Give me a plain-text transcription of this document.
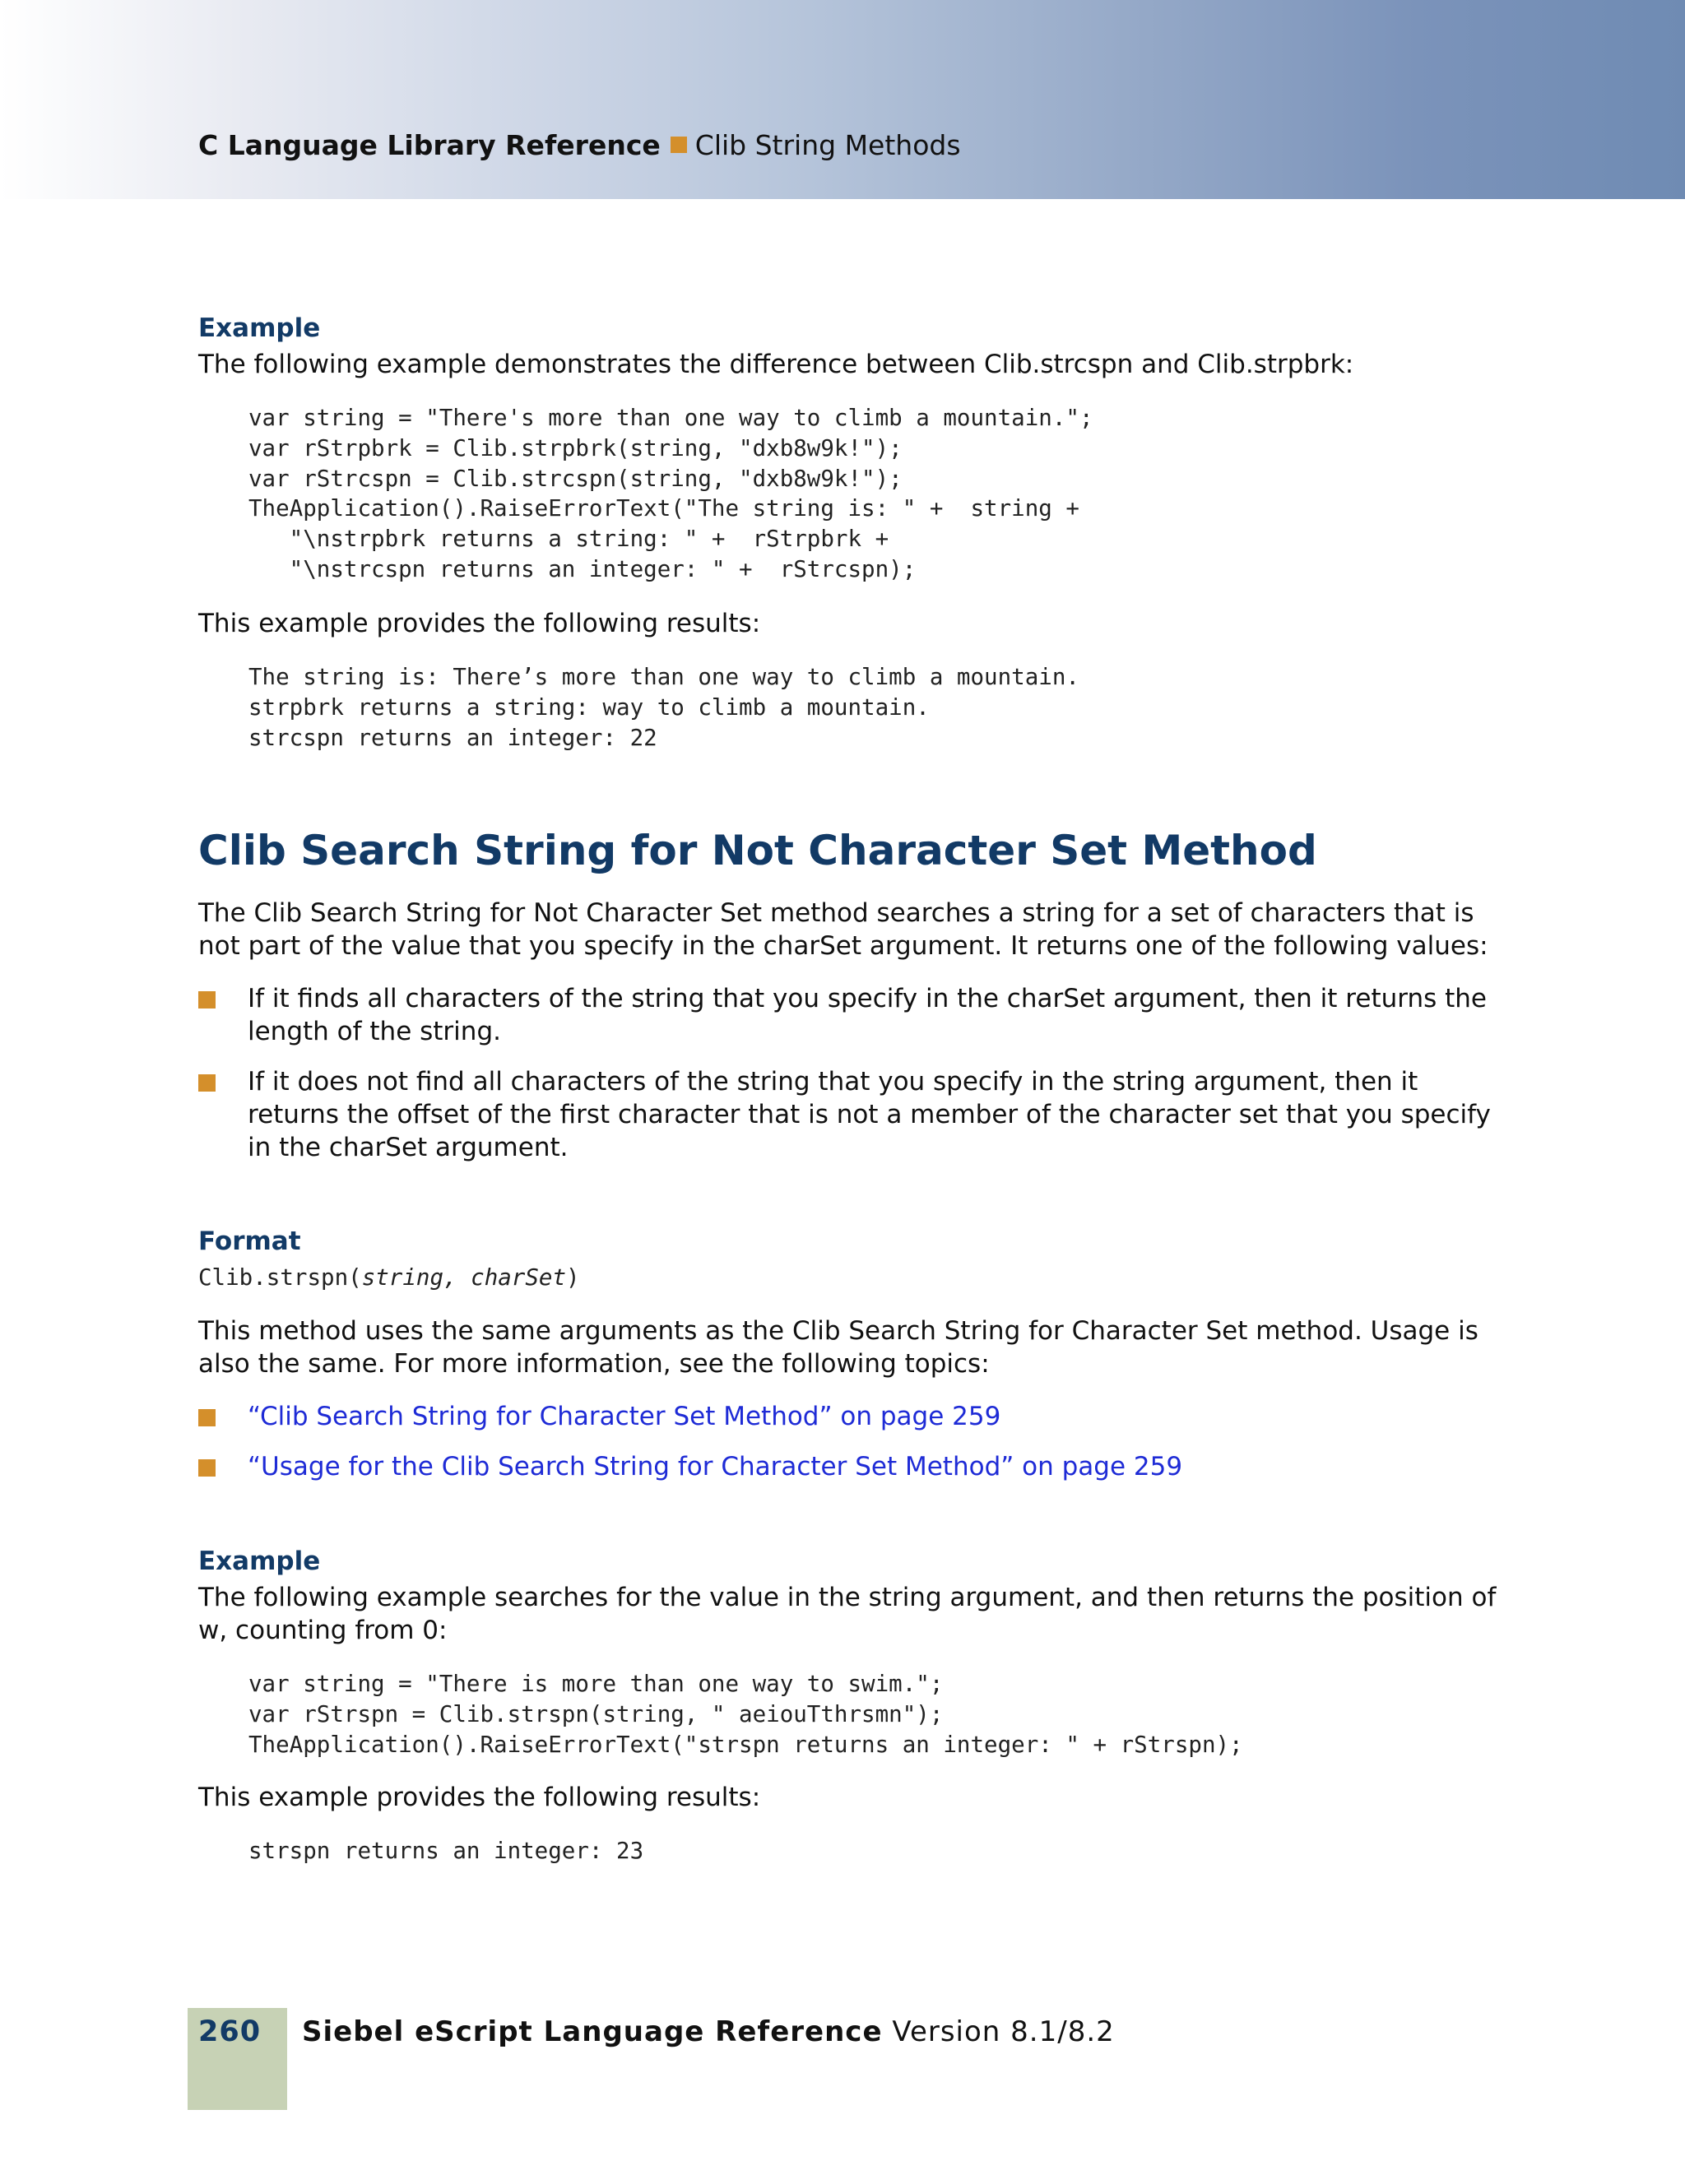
C Language Library Reference Clib String Methods
Example
The following example demonstrates the difference between Clib.strcspn and Clib.strpbrk:
var string = "There's more than one way to climb a mountain.";
var rStrpbrk = Clib.strpbrk(string, "dxb8w9k!");
var rStrcspn = Clib.strcspn(string, "dxb8w9k!");
TheApplication().RaiseErrorText("The string is: " +  string +
"\nstrpbrk returns a string: " +  rStrpbrk +
"\nstrcspn returns an integer: " +  rStrcspn);
This example provides the following results:
The string is: There’s more than one way to climb a mountain.
strpbrk returns a string: way to climb a mountain.
strcspn returns an integer: 22
Clib Search String for Not Character Set Method
The Clib Search String for Not Character Set method searches a string for a set of characters that is not part of the value that you specify in the charSet argument. It returns one of the following values:
If it finds all characters of the string that you specify in the charSet argument, then it returns the length of the string.
If it does not find all characters of the string that you specify in the string argument, then it returns the offset of the first character that is not a member of the character set that you specify in the charSet argument.
Format
Clib.strspn(string, charSet)
This method uses the same arguments as the Clib Search String for Character Set method. Usage is also the same. For more information, see the following topics:
“Clib Search String for Character Set Method” on page 259
“Usage for the Clib Search String for Character Set Method” on page 259
Example
The following example searches for the value in the string argument, and then returns the position of w, counting from 0:
var string = "There is more than one way to swim.";
var rStrspn = Clib.strspn(string, " aeiouTthrsmn");
TheApplication().RaiseErrorText("strspn returns an integer: " + rStrspn);
This example provides the following results:
strspn returns an integer: 23
260 Siebel eScript Language Reference Version 8.1/8.2
